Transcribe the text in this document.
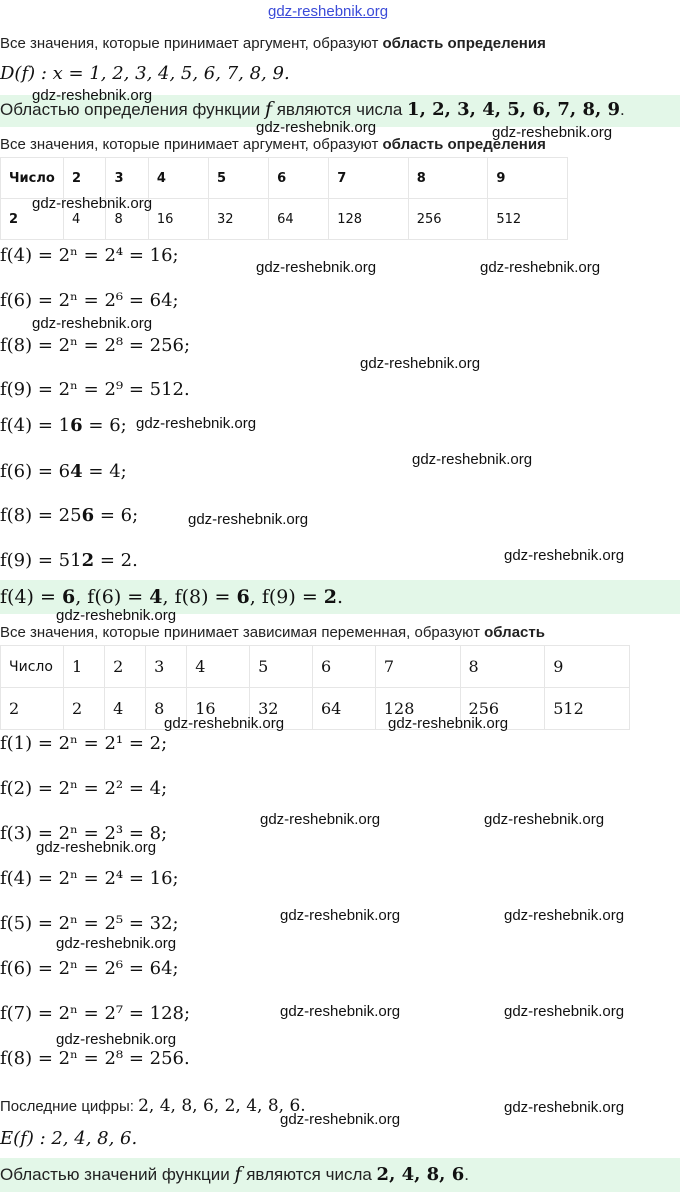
gdz-reshebnik.org
Все значения, которые принимает аргумент, образуют область определения
D(f) : x = 1, 2, 3, 4, 5, 6, 7, 8, 9.
Областью определения функции f являются числа 1, 2, 3, 4, 5, 6, 7, 8, 9.
Все значения, которые принимает аргумент, образуют область определения
Число	2	3	4	5	6	7	8	9
2	4	8	16	32	64	128	256	512
f(4) = 2ⁿ = 2⁴ = 16;
f(6) = 2ⁿ = 2⁶ = 64;
f(8) = 2ⁿ = 2⁸ = 256;
f(9) = 2ⁿ = 2⁹ = 512.
f(4) = 16 = 6;
f(6) = 64 = 4;
f(8) = 256 = 6;
f(9) = 512 = 2.
f(4) = 6, f(6) = 4, f(8) = 6, f(9) = 2.
Все значения, которые принимает зависимая переменная, образуют область
Число	1	2	3	4	5	6	7	8	9
2	2	4	8	16	32	64	128	256	512
f(1) = 2ⁿ = 2¹ = 2;
f(2) = 2ⁿ = 2² = 4;
f(3) = 2ⁿ = 2³ = 8;
f(4) = 2ⁿ = 2⁴ = 16;
f(5) = 2ⁿ = 2⁵ = 32;
f(6) = 2ⁿ = 2⁶ = 64;
f(7) = 2ⁿ = 2⁷ = 128;
f(8) = 2ⁿ = 2⁸ = 256.
Последние цифры: 2, 4, 8, 6, 2, 4, 8, 6.
E(f) : 2, 4, 8, 6.
Областью значений функции f являются числа 2, 4, 8, 6.
gdz-reshebnik.org
gdz-reshebnik.org	gdz-reshebnik.org
gdz-reshebnik.org
gdz-reshebnik.org	gdz-reshebnik.org
gdz-reshebnik.org
gdz-reshebnik.org
gdz-reshebnik.org
gdz-reshebnik.org
gdz-reshebnik.org
gdz-reshebnik.org
gdz-reshebnik.org
gdz-reshebnik.org	gdz-reshebnik.org
gdz-reshebnik.org	gdz-reshebnik.org
gdz-reshebnik.org
gdz-reshebnik.org	gdz-reshebnik.org
gdz-reshebnik.org
gdz-reshebnik.org	gdz-reshebnik.org
gdz-reshebnik.org
gdz-reshebnik.org
gdz-reshebnik.org
